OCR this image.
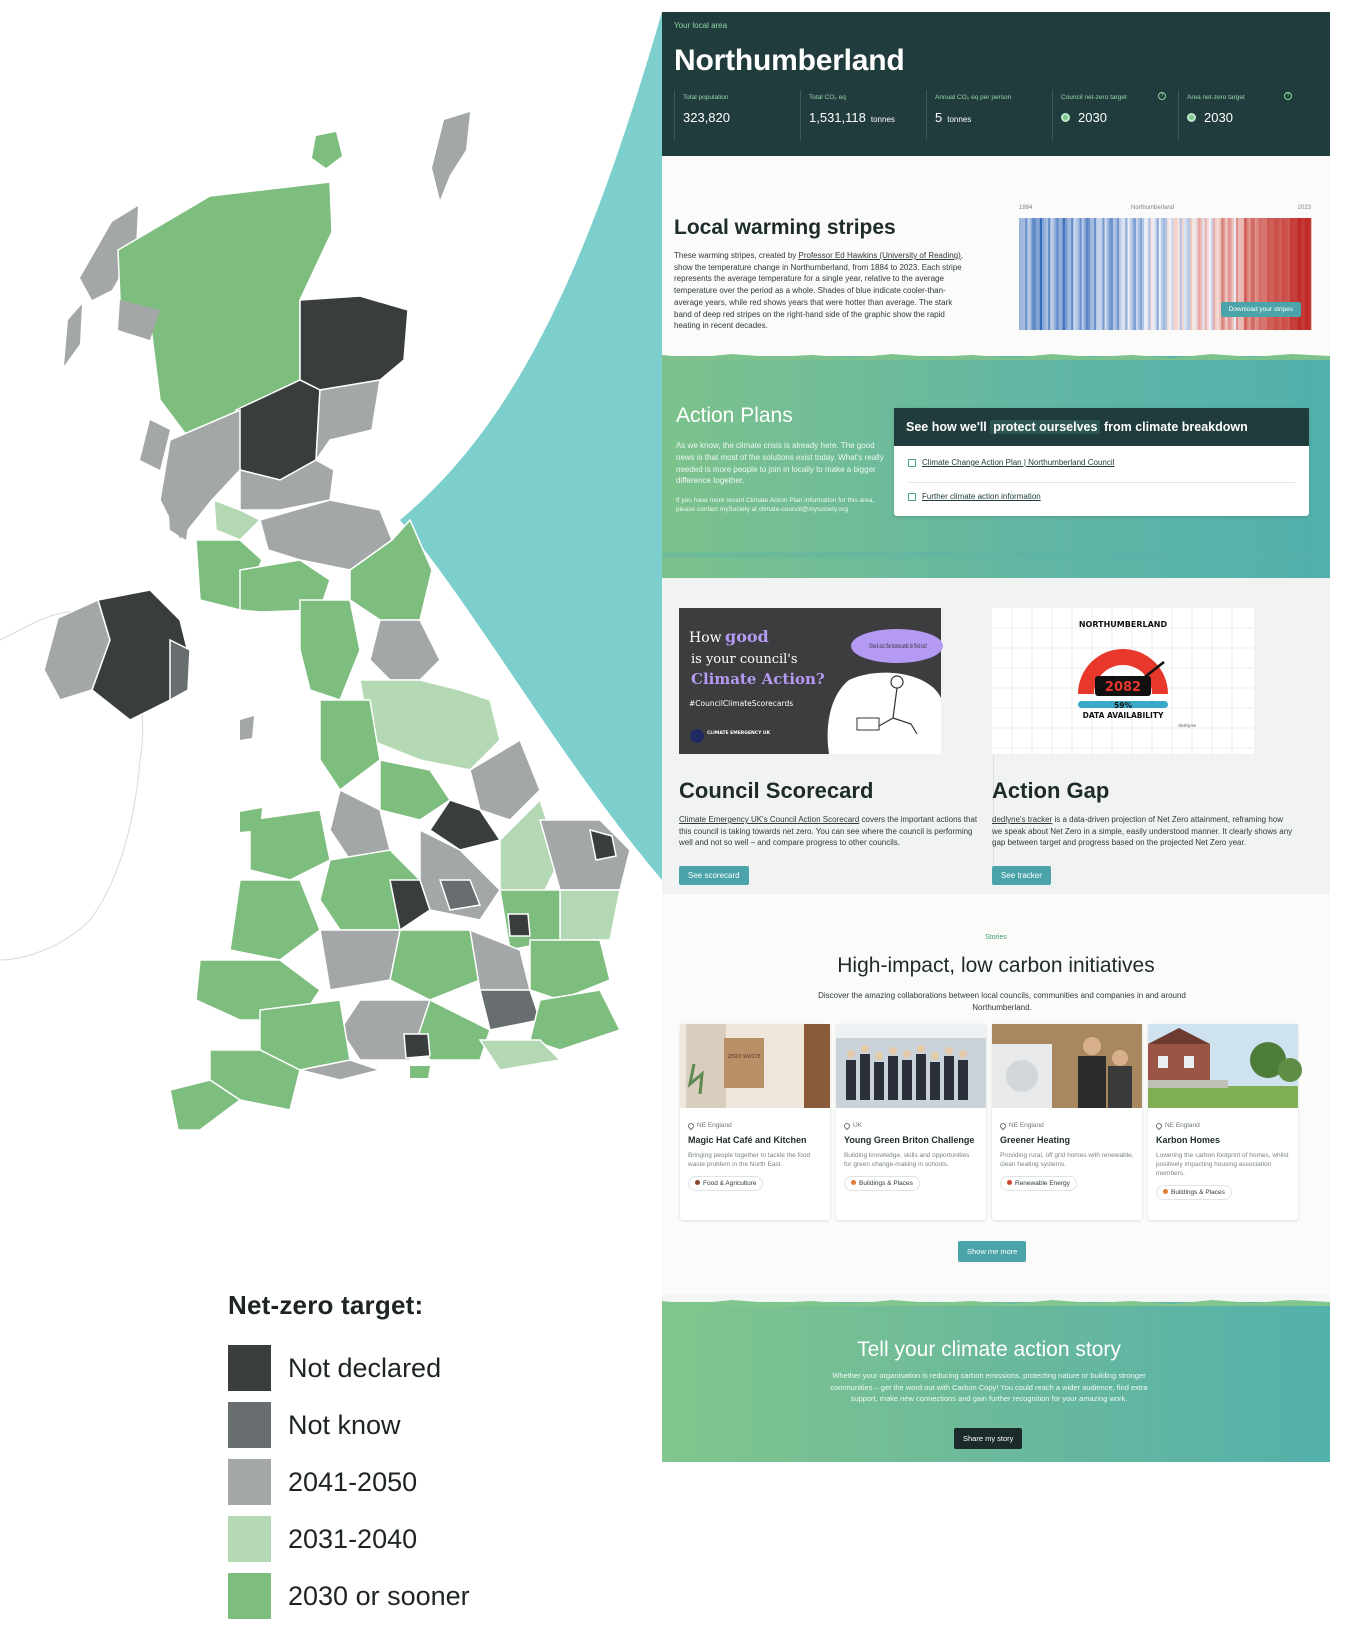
Net-zero target:
Not declared
Not know
2041-2050
2031-2040
2030 or sooner
Your local area
Northumberland
Total population
323,820
Total CO₂ eq
1,531,118 tonnes
Annual CO₂ eq per person
5 tonnes
Council net-zero target	?
2030
Area net-zero target	?
2030
Local warming stripes
These warming stripes, created by Professor Ed Hawkins (University of Reading), show the temperature change in Northumberland, from 1884 to 2023. Each stripe represents the average temperature for a single year, relative to the average temperature over the period as a whole. Shades of blue indicate cooler-than-average years, while red shows years that were hotter than average. The stark band of deep red stripes on the right-hand side of the graphic show the rapid heating in recent decades.
1884	Northumberland	2023
Download your stripes
Action Plans
As we know, the climate crisis is already here. The good news is that most of the solutions exist today. What's really needed is more people to join in locally to make a bigger difference together.
If you have more recent Climate Action Plan information for this area, please contact mySociety at climate-council@mysociety.org
See how we'll protect ourselves from climate breakdown
Climate Change Action Plan | Northumberland Council
Further climate action information
How good
is your council's
Climate Action?
#CouncilClimateScorecards
Check out the Scorecards to find out!
CLIMATE EMERGENCY UK
Council Scorecard
Climate Emergency UK's Council Action Scorecard covers the important actions that this council is taking towards net zero. You can see where the council is performing well and not so well – and compare progress to other councils.
See scorecard
NORTHUMBERLAND
2082
59%
DATA AVAILABILITY
dedlyne
Action Gap
dedlyne's tracker is a data-driven projection of Net Zero attainment, reframing how we speak about Net Zero in a simple, easily understood manner. It clearly shows any gap between target and progress based on the projected Net Zero year.
See tracker
Stories
High-impact, low carbon initiatives
Discover the amazing collaborations between local councils, communities and companies in and around Northumberland.
ZERO WASTE
NE England
Magic Hat Café and Kitchen
Bringing people together to tackle the food waste problem in the North East.
Food & Agriculture
UK
Young Green Briton Challenge
Building knowledge, skills and opportunities for green change-making in schools.
Buildings & Places
NE England
Greener Heating
Providing rural, off grid homes with renewable, clean heating systems.
Renewable Energy
NE England
Karbon Homes
Lowering the carbon footprint of homes, whilst positively impacting housing association members.
Buildings & Places
Show me more
Tell your climate action story
Whether your organisation is reducing carbon emissions, protecting nature or building stronger communities – get the word out with Carbon Copy! You could reach a wider audience, find extra support, make new connections and gain further recognition for your amazing work.
Share my story
